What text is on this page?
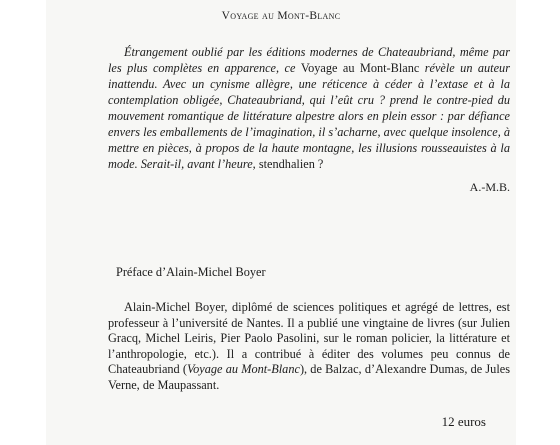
Voyage au Mont-Blanc
Étrangement oublié par les éditions modernes de Chateaubriand, même par les plus complètes en apparence, ce Voyage au Mont-Blanc révèle un auteur inattendu. Avec un cynisme allègre, une réticence à céder à l’extase et à la contemplation obligée, Chateaubriand, qui l’eût cru ? prend le contre-pied du mouvement romantique de littérature alpestre alors en plein essor : par défiance envers les emballements de l’imagination, il s’acharne, avec quelque insolence, à mettre en pièces, à propos de la haute montagne, les illusions rousseauistes à la mode. Serait-il, avant l’heure, stendhalien ?
A.-M.B.
Préface d’Alain-Michel Boyer
Alain-Michel Boyer, diplômé de sciences politiques et agrégé de lettres, est professeur à l’université de Nantes. Il a publié une vingtaine de livres (sur Julien Gracq, Michel Leiris, Pier Paolo Pasolini, sur le roman policier, la littérature et l’anthropologie, etc.). Il a contribué à éditer des volumes peu connus de Chateaubriand (Voyage au Mont-Blanc), de Balzac, d’Alexandre Dumas, de Jules Verne, de Maupassant.
12 euros
